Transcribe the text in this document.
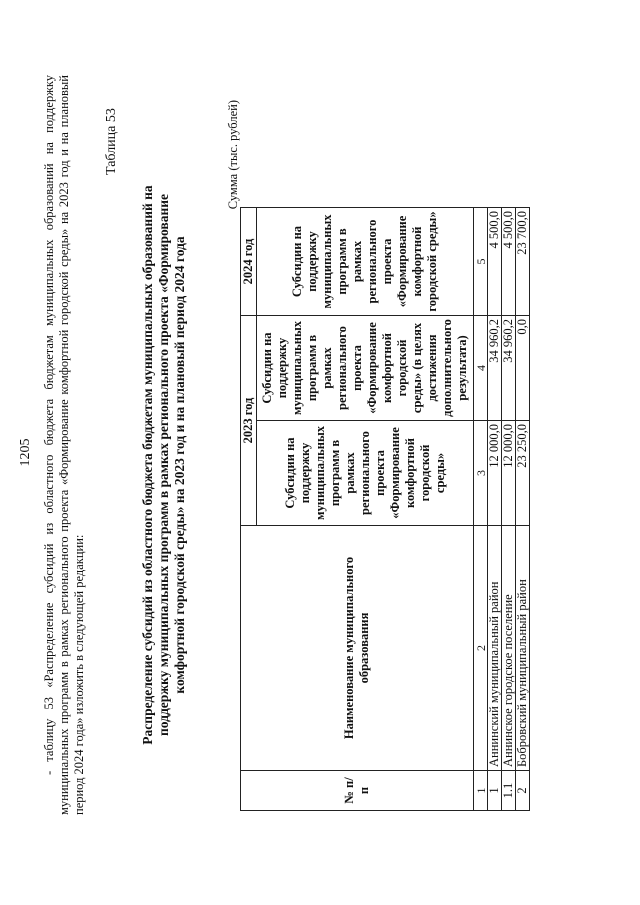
1205 - таблицу 53 «Распределение субсидий из областного бюджета бюджетам муниципальных образований на поддержку муниципальных программ в рамках регионального проекта «Формирование комфортной городской среды» на 2023 год и на плановый период 2024 года» изложить в следующей редакции:

Таблица 53
Распределение субсидий из областного бюджета бюджетам муниципальных образований на поддержку муниципальных программ в рамках регионального проекта «Формирование комфортной городской среды» на 2023 год и на плановый период 2024 года
Сумма (тыс. рублей)
№ п/п	Наименование муниципального образования	2023 год		2024 год
		Субсидии на поддержку муниципальных программ в рамках регионального проекта «Формирование комфортной городской среды»	Субсидии на поддержку муниципальных программ в рамках регионального проекта «Формирование комфортной городской среды» (в целях достижения дополнительного результата)	Субсидии на поддержку муниципальных программ в рамках регионального проекта «Формирование комфортной городской среды»
1	2	3	4	5
1	Аннинский муниципальный район	12 000,0	34 960,2	4 500,0
1.1	Аннинское городское поселение	12 000,0	34 960,2	4 500,0
2	Бобровский муниципальный район	23 250,0	0,0	23 700,0
